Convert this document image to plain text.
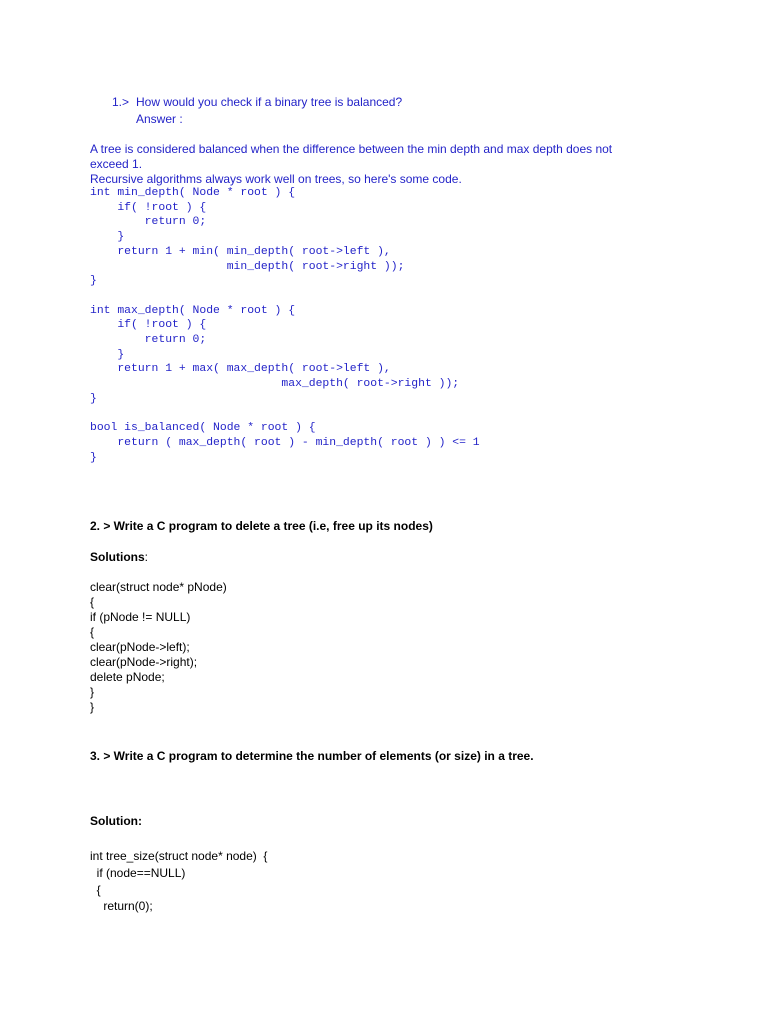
1.> How would you check if a binary tree is balanced?
Answer :
A tree is considered balanced when the difference between the min depth and max depth does not
exceed 1.
Recursive algorithms always work well on trees, so here's some code.
int min_depth( Node * root ) {
if( !root ) {
return 0;
}
return 1 + min( min_depth( root->left ),
min_depth( root->right ));
}

int max_depth( Node * root ) {
if( !root ) {
return 0;
}
return 1 + max( max_depth( root->left ),
max_depth( root->right ));
}

bool is_balanced( Node * root ) {
return ( max_depth( root ) - min_depth( root ) ) <= 1
}
2. > Write a C program to delete a tree (i.e, free up its nodes)
Solutions:
clear(struct node* pNode)
{
if (pNode != NULL)
{
clear(pNode->left);
clear(pNode->right);
delete pNode;
}
}
3. > Write a C program to determine the number of elements (or size) in a tree.
Solution:
int tree_size(struct node* node)  {
if (node==NULL)
{
return(0);
